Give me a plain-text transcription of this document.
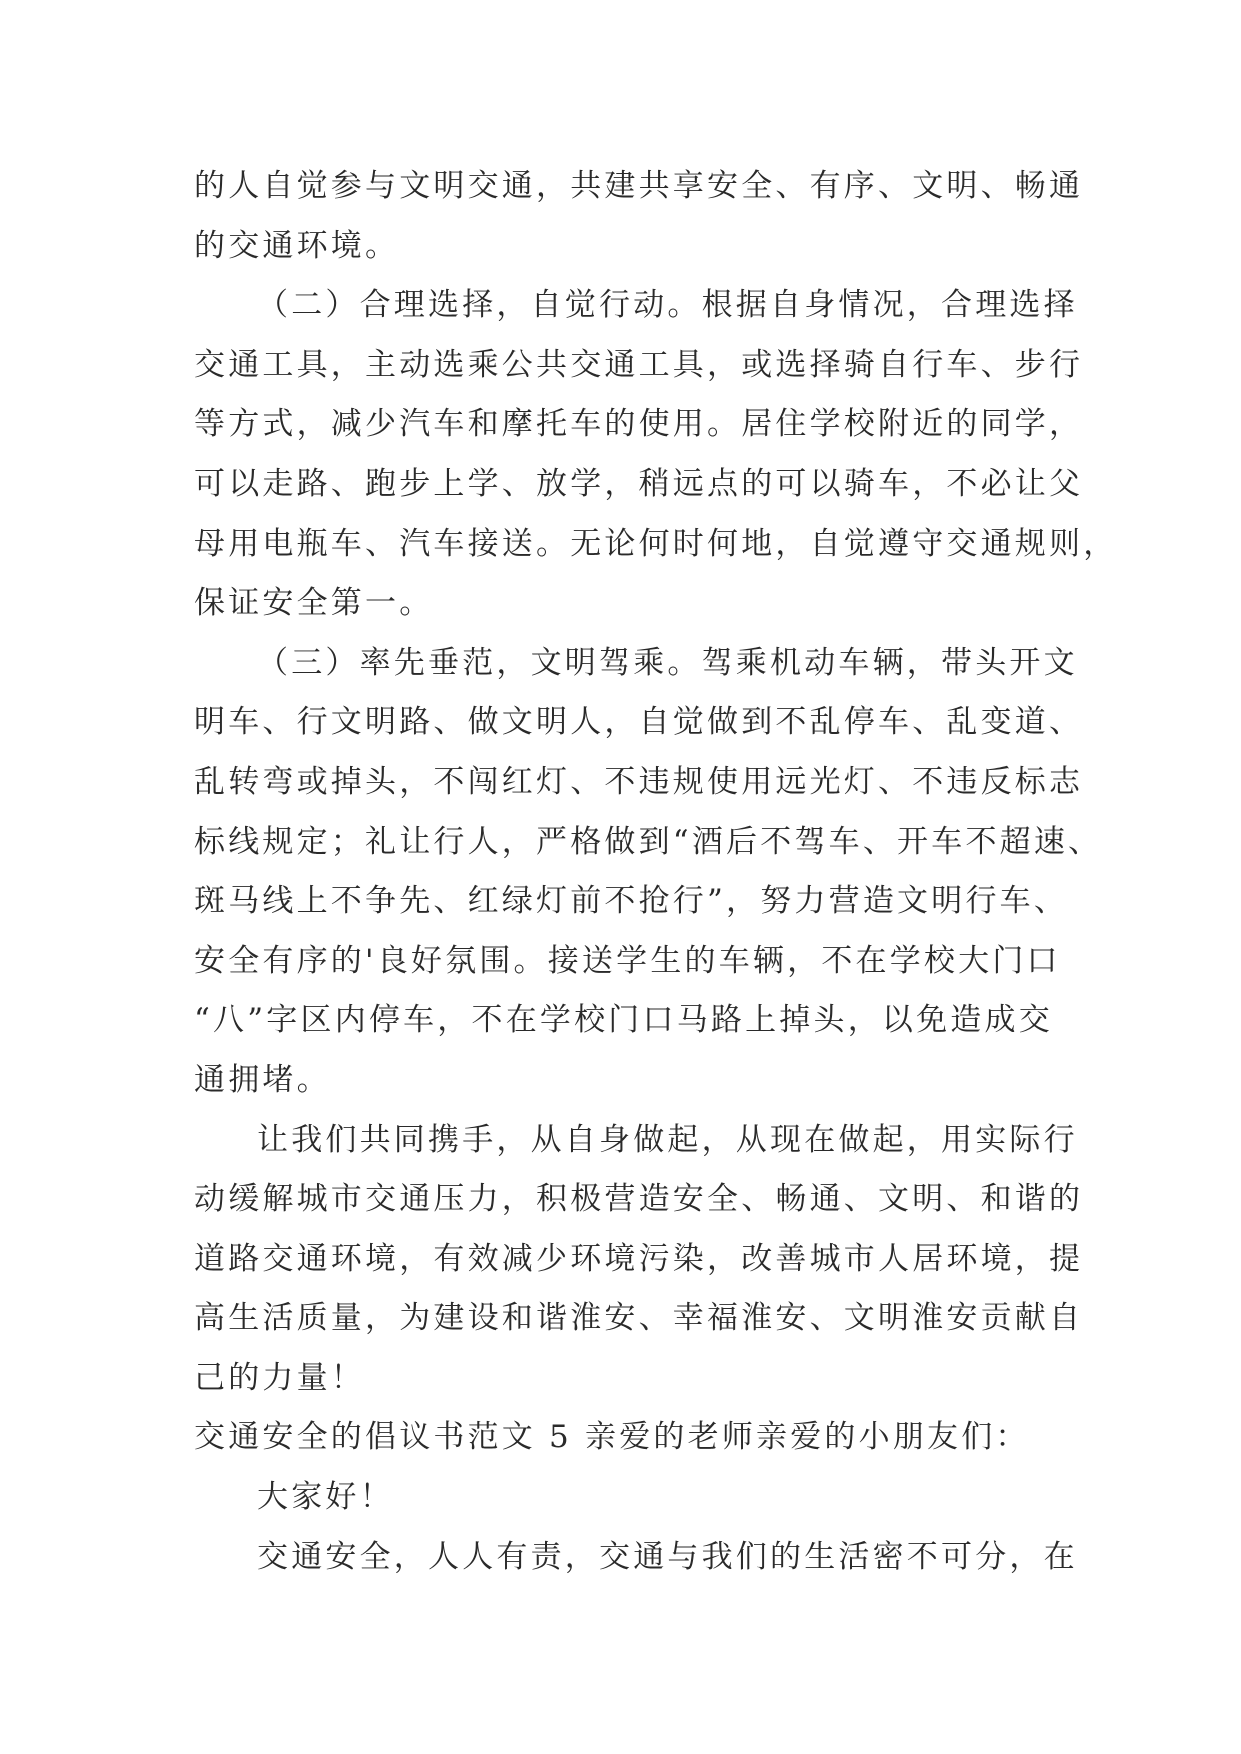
的人自觉参与文明交通，共建共享安全、有序、文明、畅通
的交通环境。
（二）合理选择，自觉行动。根据自身情况，合理选择
交通工具，主动选乘公共交通工具，或选择骑自行车、步行
等方式，减少汽车和摩托车的使用。居住学校附近的同学，
可以走路、跑步上学、放学，稍远点的可以骑车，不必让父
母用电瓶车、汽车接送。无论何时何地，自觉遵守交通规则，
保证安全第一。
（三）率先垂范，文明驾乘。驾乘机动车辆，带头开文
明车、行文明路、做文明人，自觉做到不乱停车、乱变道、
乱转弯或掉头，不闯红灯、不违规使用远光灯、不违反标志
标线规定；礼让行人，严格做到“酒后不驾车、开车不超速、
斑马线上不争先、红绿灯前不抢行”，努力营造文明行车、
安全有序的'良好氛围。接送学生的车辆，不在学校大门口
“八”字区内停车，不在学校门口马路上掉头，以免造成交
通拥堵。
让我们共同携手，从自身做起，从现在做起，用实际行
动缓解城市交通压力，积极营造安全、畅通、文明、和谐的
道路交通环境，有效减少环境污染，改善城市人居环境，提
高生活质量，为建设和谐淮安、幸福淮安、文明淮安贡献自
己的力量！
交通安全的倡议书范文 5 亲爱的老师亲爱的小朋友们：
大家好！
交通安全，人人有责，交通与我们的生活密不可分，在
